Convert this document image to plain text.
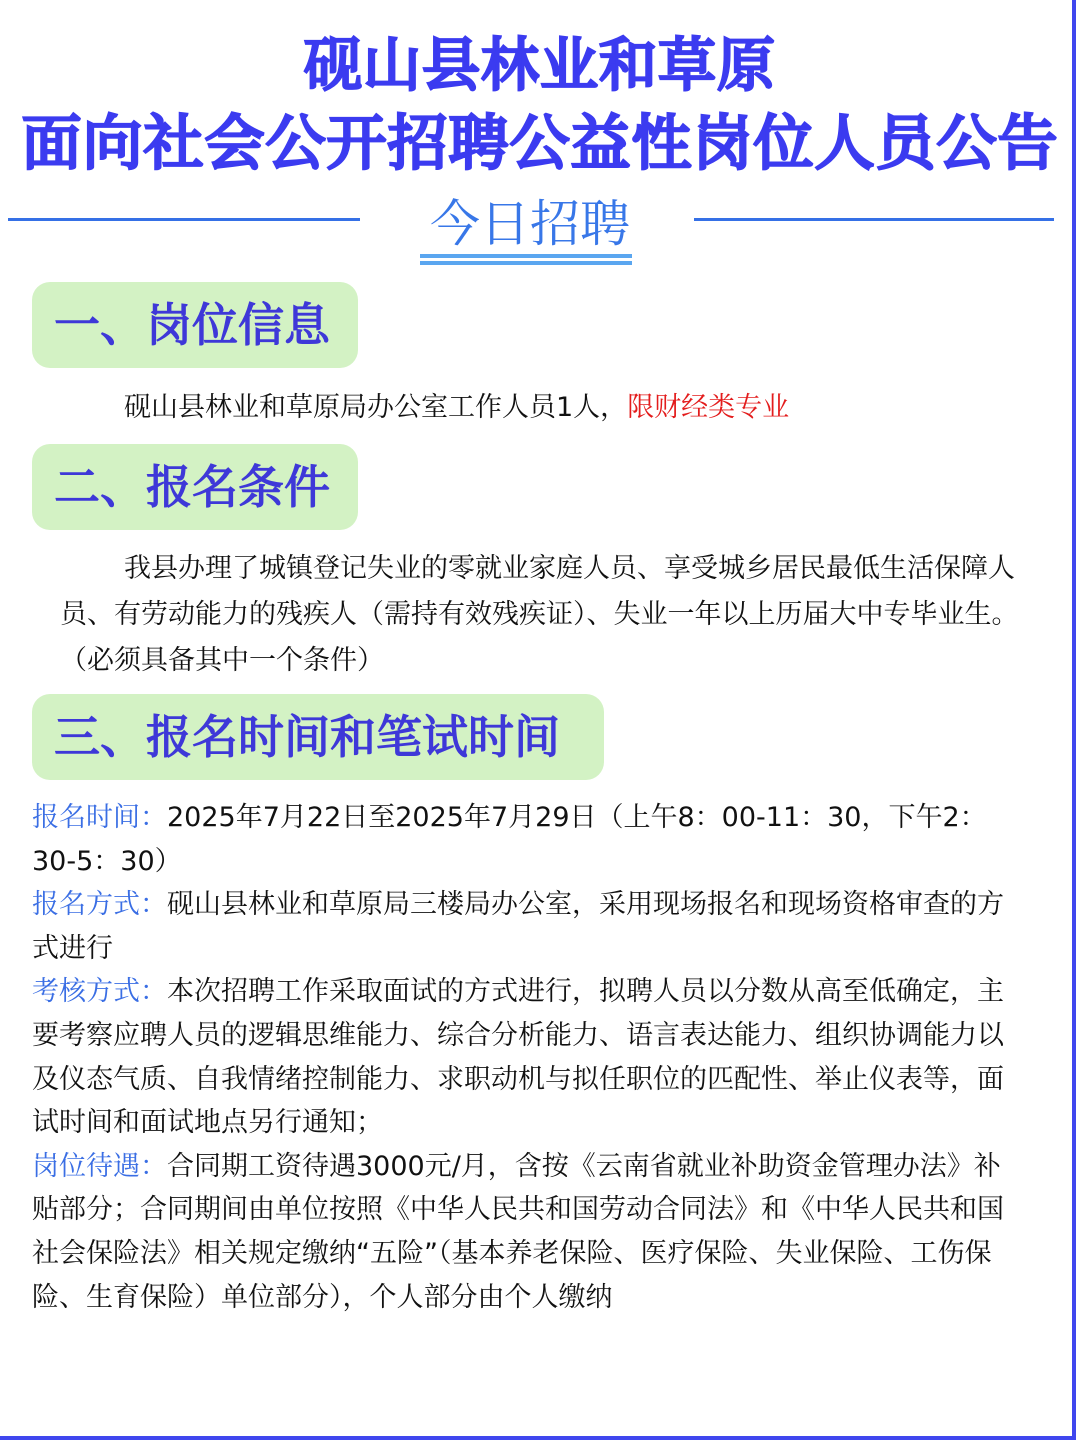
砚山县林业和草原
面向社会公开招聘公益性岗位人员公告
今日招聘
一、岗位信息
砚山县林业和草原局办公室工作人员1人，限财经类专业
二、报名条件
我县办理了城镇登记失业的零就业家庭人员、享受城乡居民最低生活保障人员、有劳动能力的残疾人（需持有效残疾证）、失业一年以上历届大中专毕业生。（必须具备其中一个条件）
三、报名时间和笔试时间

报名时间：2025年7月22日至2025年7月29日（上午8：00-11：30，下午2：30-5：30）

报名方式：砚山县林业和草原局三楼局办公室，采用现场报名和现场资格审查的方式进行

考核方式：本次招聘工作采取面试的方式进行，拟聘人员以分数从高至低确定，主要考察应聘人员的逻辑思维能力、综合分析能力、语言表达能力、组织协调能力以及仪态气质、自我情绪控制能力、求职动机与拟任职位的匹配性、举止仪表等，面试时间和面试地点另行通知；

岗位待遇：合同期工资待遇3000元/月，含按《云南省就业补助资金管理办法》补贴部分；合同期间由单位按照《中华人民共和国劳动合同法》和《中华人民共和国社会保险法》相关规定缴纳“五险”（基本养老保险、医疗保险、失业保险、工伤保险、生育保险）单位部分），个人部分由个人缴纳
